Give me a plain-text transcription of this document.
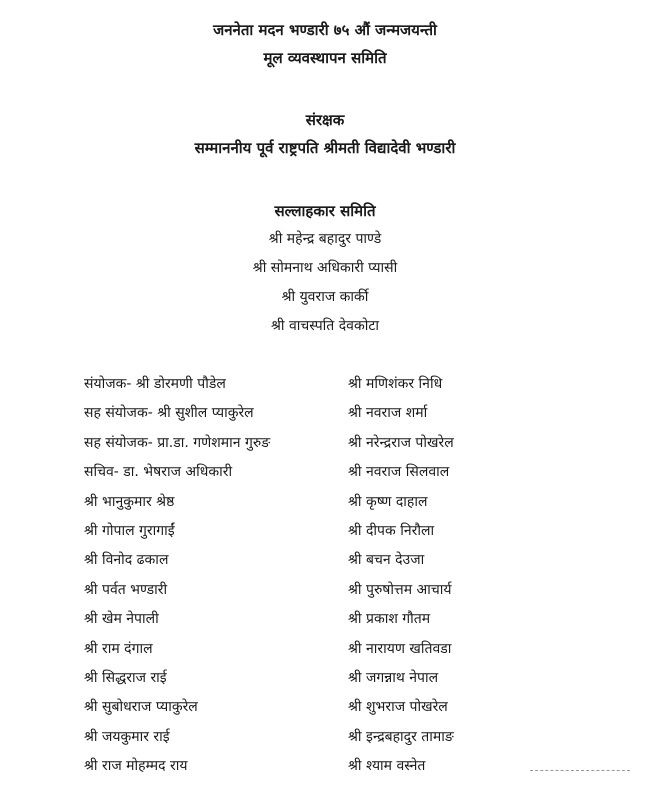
जननेता मदन भण्डारी ७५ औं जन्मजयन्ती
मूल व्यवस्थापन समिति
संरक्षक
सम्माननीय पूर्व राष्ट्रपति श्रीमती विद्यादेवी भण्डारी
सल्लाहकार समिति
श्री महेन्द्र बहादुर पाण्डे
श्री सोमनाथ अधिकारी प्यासी
श्री युवराज कार्की
श्री वाचस्पति देवकोटा
संयोजक- श्री डोरमणी पौडेल
सह संयोजक- श्री सुशील प्याकुरेल
सह संयोजक- प्रा.डा. गणेशमान गुरुङ
सचिव- डा. भेषराज अधिकारी
श्री भानुकुमार श्रेष्ठ
श्री गोपाल गुरागाईं
श्री विनोद ढकाल
श्री पर्वत भण्डारी
श्री खेम नेपाली
श्री राम दंगाल
श्री सिद्धराज राई
श्री सुबोधराज प्याकुरेल
श्री जयकुमार राई
श्री राज मोहम्मद राय
श्री मणिशंकर निधि
श्री नवराज शर्मा
श्री नरेन्द्रराज पोखरेल
श्री नवराज सिलवाल
श्री कृष्ण दाहाल
श्री दीपक निरौला
श्री बचन देउजा
श्री पुरुषोत्तम आचार्य
श्री प्रकाश गौतम
श्री नारायण खतिवडा
श्री जगन्नाथ नेपाल
श्री शुभराज पोखरेल
श्री इन्द्रबहादुर तामाङ
श्री श्याम वस्नेत
